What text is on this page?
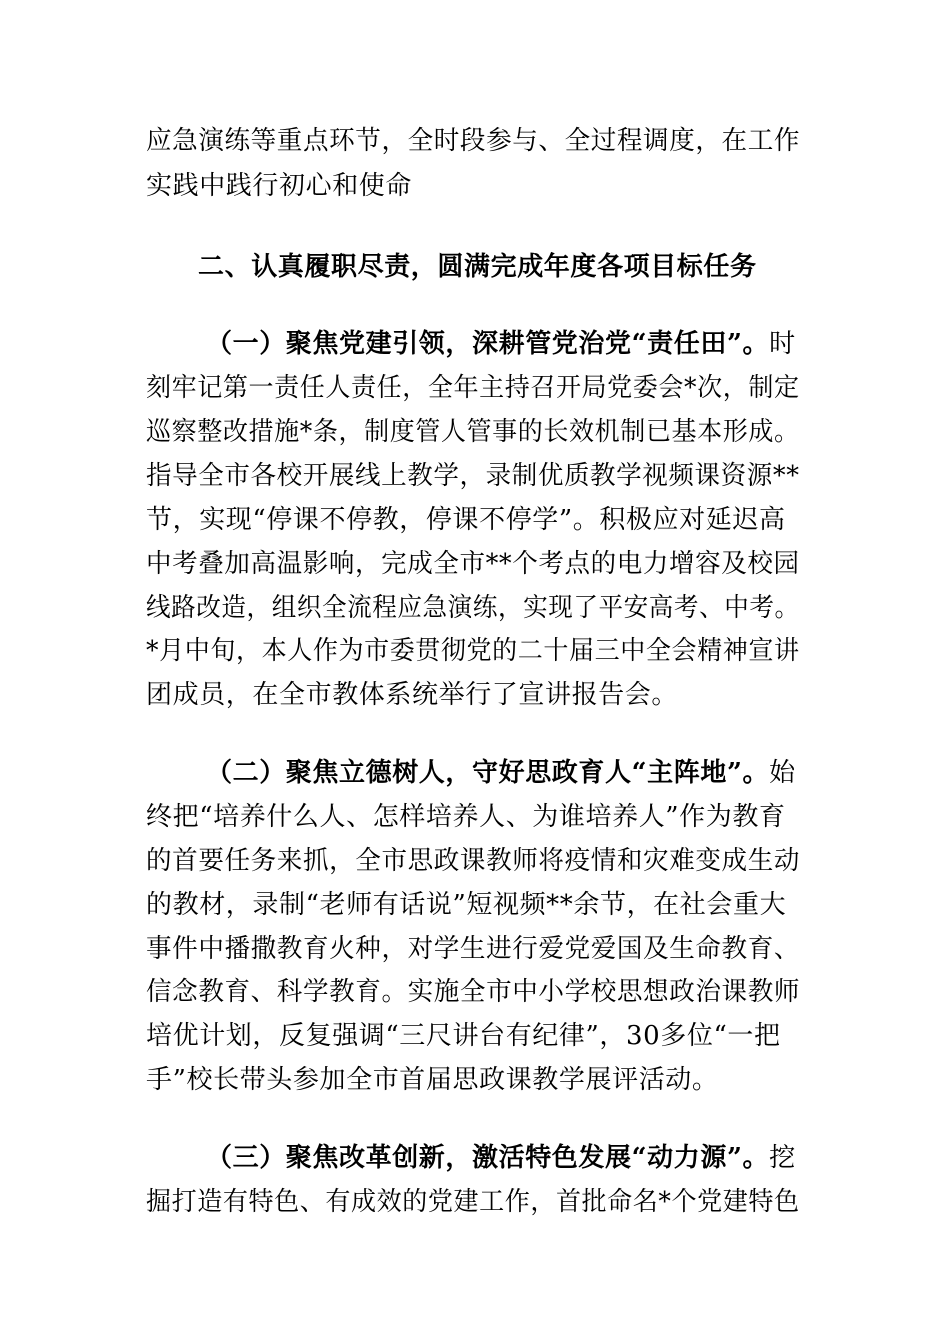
应急演练等重点环节，全时段参与、全过程调度，在工作
实践中践行初心和使命
二、认真履职尽责，圆满完成年度各项目标任务
（一）聚焦党建引领，深耕管党治党“责任田”。时
刻牢记第一责任人责任，全年主持召开局党委会*次，制定
巡察整改措施*条，制度管人管事的长效机制已基本形成。
指导全市各校开展线上教学，录制优质教学视频课资源**
节，实现“停课不停教，停课不停学”。积极应对延迟高
中考叠加高温影响，完成全市**个考点的电力增容及校园
线路改造，组织全流程应急演练，实现了平安高考、中考。
*月中旬，本人作为市委贯彻党的二十届三中全会精神宣讲
团成员，在全市教体系统举行了宣讲报告会。
（二）聚焦立德树人，守好思政育人“主阵地”。始
终把“培养什么人、怎样培养人、为谁培养人”作为教育
的首要任务来抓，全市思政课教师将疫情和灾难变成生动
的教材，录制“老师有话说”短视频**余节，在社会重大
事件中播撒教育火种，对学生进行爱党爱国及生命教育、
信念教育、科学教育。实施全市中小学校思想政治课教师
培优计划，反复强调“三尺讲台有纪律”，30多位“一把
手”校长带头参加全市首届思政课教学展评活动。
（三）聚焦改革创新，激活特色发展“动力源”。挖
掘打造有特色、有成效的党建工作，首批命名*个党建特色
